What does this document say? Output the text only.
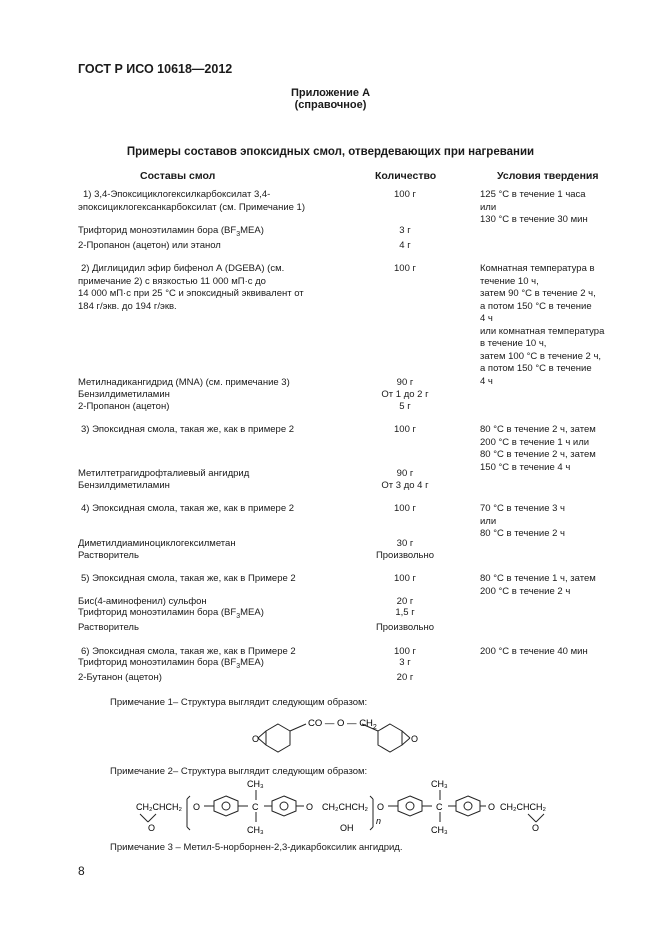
ГОСТ Р ИСО 10618—2012
Приложение А
(справочное)
Примеры составов эпоксидных смол, отвердевающих при нагревании
Составы смол	Количество	Условия твердения
1) 3,4-Эпоксициклогексилкарбоксилат 3,4-
эпоксициклогексанкарбоксилат (см. Примечание 1)
100 г	125 °С в течение 1 часа
или
130 °С в течение 30 мин
Трифторид моноэтиламин бора $(BF_3MEA)$	3 г
2-Пропанон (ацетон) или этанол	4 г
2) Диглицидил эфир бифенол А (DGEBA) (см.
примечание 2) с вязкостью 11 000 мП·с до
14 000 мП·с при 25 °С и эпоксидный эквивалент от
184 г/экв. до 194 г/экв.
100 г	Комнатная температура в
течение 10 ч,
затем 90 °С в течение 2 ч,
а потом 150 °С в течение
4 ч
или комнатная температура
в течение 10 ч,
затем 100 °С в течение 2 ч,
а потом 150 °С в течение
4 ч
Метилнадикангидрид (MNA) (см. примечание 3)	90 г
Бензилдиметиламин	От 1 до 2 г
2-Пропанон (ацетон)	5 г
3) Эпоксидная смола, такая же, как в примере 2	100 г	80 °С в течение 2 ч, затем
200 °С в течение 1 ч или
80 °С в течение 2 ч, затем
150 °С в течение 4 ч
Метилтетрагидрофталиевый ангидрид	90 г
Бензилдиметиламин	От 3 до 4 г
4) Эпоксидная смола, такая же, как в примере 2	100 г	70 °С в течение 3 ч
или
80 °С в течение 2 ч
Диметилдиаминоциклогексилметан	30 г
Растворитель	Произвольно
5) Эпоксидная смола, такая же, как в Примере 2	100 г	80 °С в течение 1 ч, затем
200 °С в течение 2 ч
Бис(4-аминофенил) сульфон	20 г
Трифторид моноэтиламин бора $(BF_3MEA)$	1,5 г
Растворитель	Произвольно
6) Эпоксидная смола, такая же, как в Примере 2	100 г	200 °С в течение 40 мин
Трифторид моноэтиламин бора $(BF_3MEA)$	3 г
2-Бутанон (ацетон)	20 г
Примечание 1– Структура выглядит следующим образом:
O	O
CO — O — $CH_2$
Примечание 2– Структура выглядит следующим образом:
CH₂CHCH₂
O
O
CH₃
C
CH₃
O CH₂CHCH₂
OH
n
O
CH₃
C
CH₃
O CH₂CHCH₂
O
Примечание 3 – Метил-5-норборнен-2,3-дикарбоксилик ангидрид.
8
